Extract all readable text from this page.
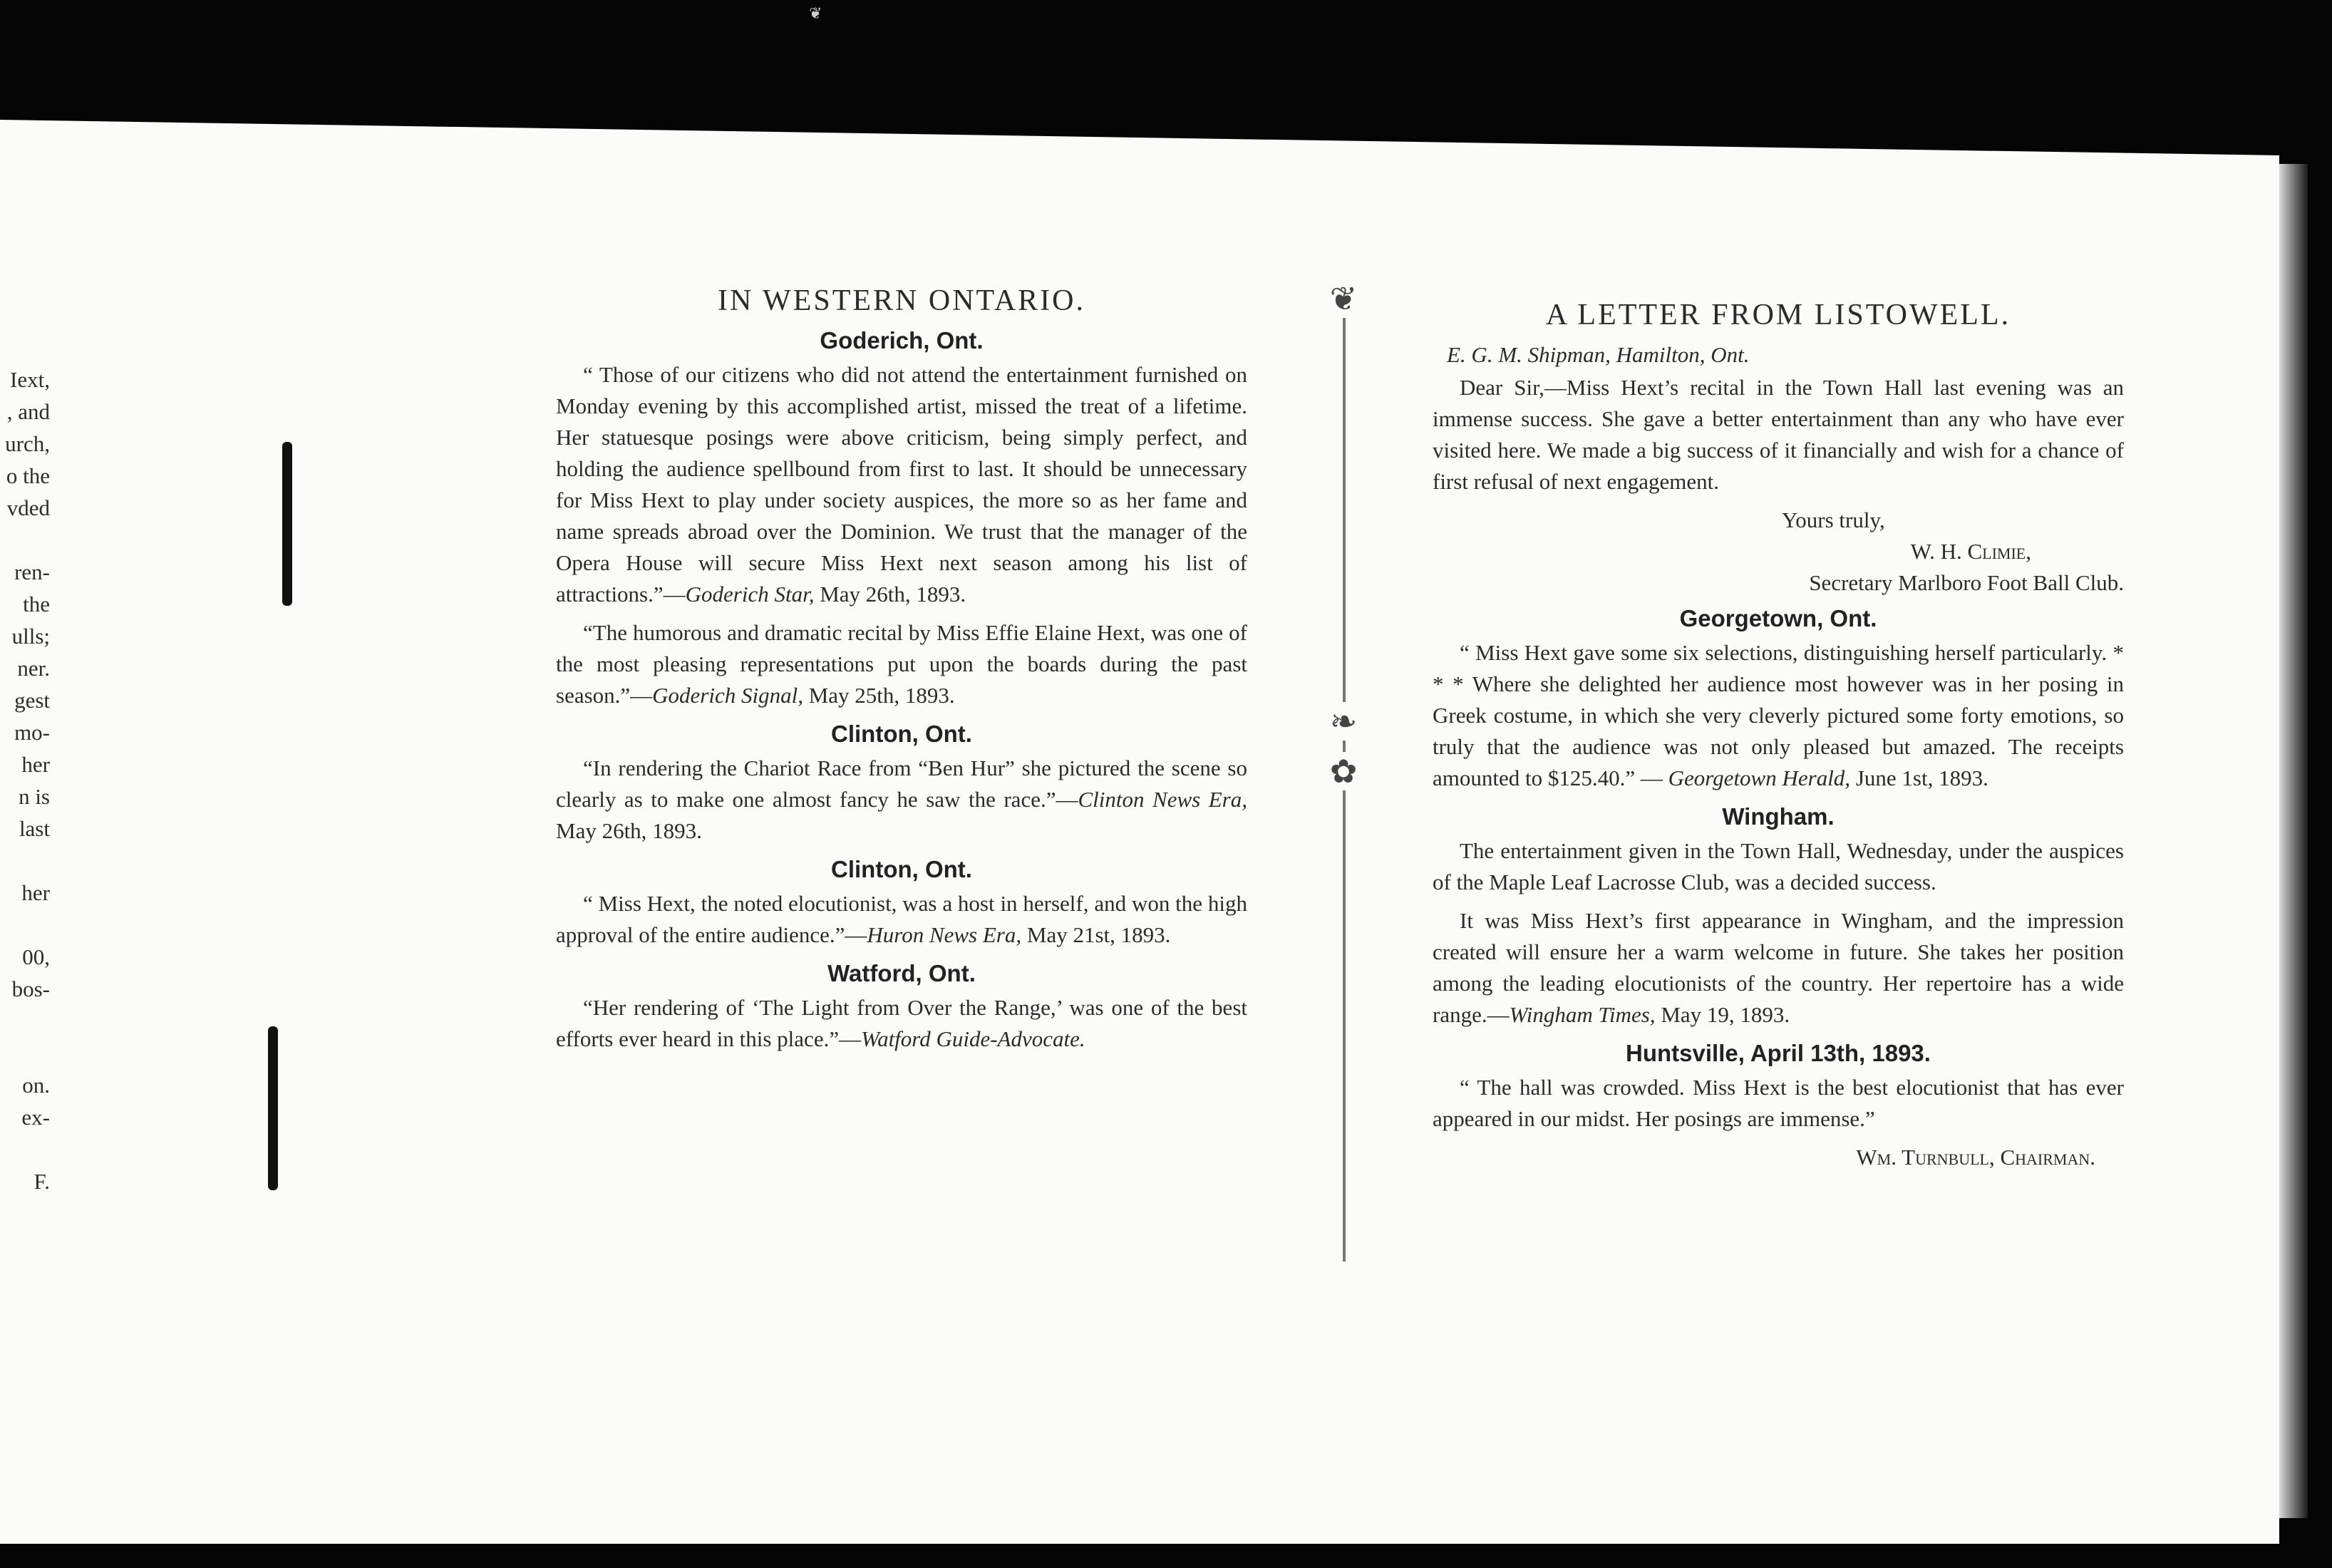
❦
Iext,
, and
urch,
o the
vded
ren-
the
ulls;
ner.
gest
mo-
her
n is
last
her
00,
bos-
on.
ex-
F.
IN WESTERN ONTARIO.
Goderich, Ont.

“ Those of our citizens who did not attend the entertainment furnished on Monday evening by this accomplished artist, missed the treat of a lifetime. Her statuesque posings were above criticism, being simply perfect, and holding the audience spellbound from first to last. It should be unnecessary for Miss Hext to play under society auspices, the more so as her fame and name spreads abroad over the Dominion. We trust that the manager of the Opera House will secure Miss Hext next season among his list of attractions.”—Goderich Star, May 26th, 1893.

“The humorous and dramatic recital by Miss Effie Elaine Hext, was one of the most pleasing representations put upon the boards during the past season.”—Goderich Signal, May 25th, 1893.

Clinton, Ont.

“In rendering the Chariot Race from “Ben Hur” she pictured the scene so clearly as to make one almost fancy he saw the race.”—Clinton News Era, May 26th, 1893.

Clinton, Ont.

“ Miss Hext, the noted elocutionist, was a host in herself, and won the high approval of the entire audience.”—Huron News Era, May 21st, 1893.

Watford, Ont.

“Her rendering of ‘The Light from Over the Range,’ was one of the best efforts ever heard in this place.”—Watford Guide-Advocate.

❦
❧
✿
A LETTER FROM LISTOWELL.

E. G. M. Shipman, Hamilton, Ont.

Dear Sir,—Miss Hext’s recital in the Town Hall last evening was an immense success. She gave a better entertainment than any who have ever visited here. We made a big success of it financially and wish for a chance of first refusal of next engagement.

Yours truly,

W. H. Climie,

Secretary Marlboro Foot Ball Club.

Georgetown, Ont.

“ Miss Hext gave some six selections, distinguishing herself particularly. * * * Where she delighted her audience most however was in her posing in Greek costume, in which she very cleverly pictured some forty emotions, so truly that the audience was not only pleased but amazed. The receipts amounted to $125.40.” — Georgetown Herald, June 1st, 1893.

Wingham.

The entertainment given in the Town Hall, Wednesday, under the auspices of the Maple Leaf Lacrosse Club, was a decided success.

It was Miss Hext’s first appearance in Wingham, and the impression created will ensure her a warm welcome in future. She takes her position among the leading elocutionists of the country. Her repertoire has a wide range.—Wingham Times, May 19, 1893.

Huntsville, April 13th, 1893.

“ The hall was crowded. Miss Hext is the best elocutionist that has ever appeared in our midst. Her posings are immense.”

Wm. Turnbull, Chairman.
